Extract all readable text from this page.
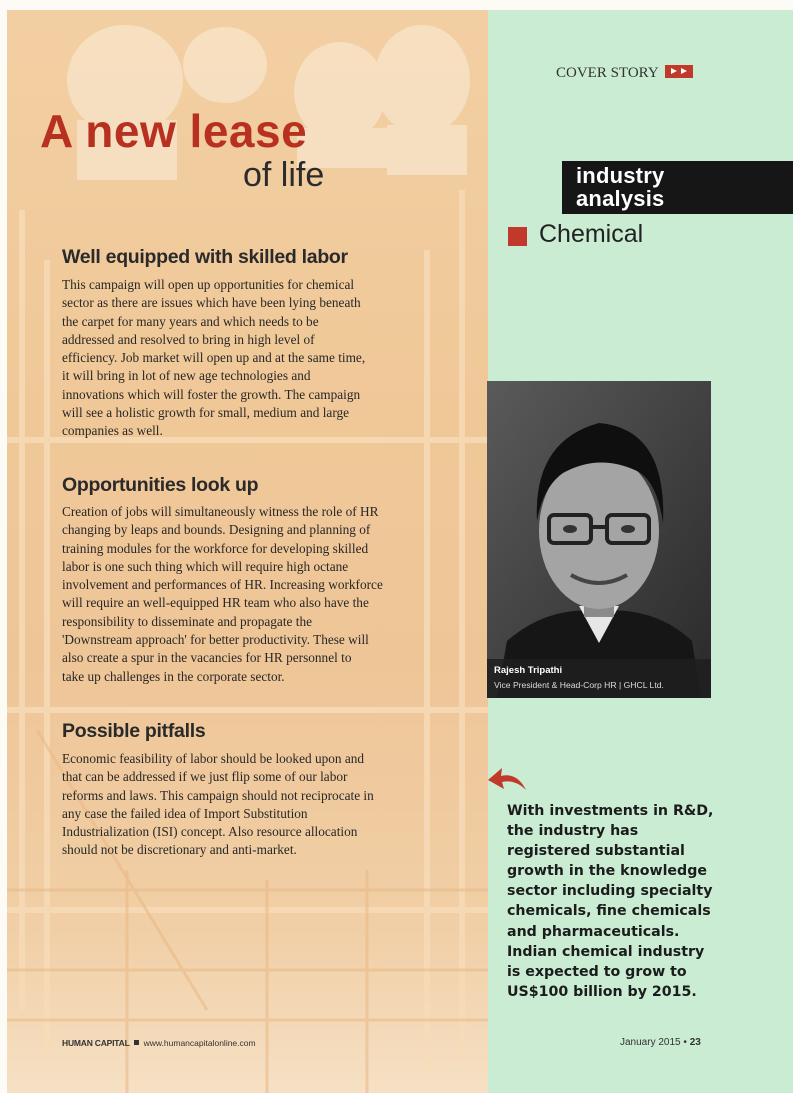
A new lease
of life
Well equipped with skilled labor

This campaign will open up opportunities for chemical
sector as there are issues which have been lying beneath
the carpet for many years and which needs to be
addressed and resolved to bring in high level of
efficiency. Job market will open up and at the same time,
it will bring in lot of new age technologies and
innovations which will foster the growth. The campaign
will see a holistic growth for small, medium and large
companies as well.

Opportunities look up

Creation of jobs will simultaneously witness the role of HR
changing by leaps and bounds. Designing and planning of
training modules for the workforce for developing skilled
labor is one such thing which will require high octane
involvement and performances of HR. Increasing workforce
will require an well-equipped HR team who also have the
responsibility to disseminate and propagate the
'Downstream approach' for better productivity. These will
also create a spur in the vacancies for HR personnel to
take up challenges in the corporate sector.

Possible pitfalls

Economic feasibility of labor should be looked upon and
that can be addressed if we just flip some of our labor
reforms and laws. This campaign should not reciprocate in
any case the failed idea of Import Substitution
Industrialization (ISI) concept. Also resource allocation
should not be discretionary and anti-market.

COVER STORY
industry
analysis
Chemical
Rajesh Tripathi
Vice President & Head-Corp HR | GHCL Ltd.

With investments in R&D,
the industry has
registered substantial
growth in the knowledge
sector including specialty
chemicals, fine chemicals
and pharmaceuticals.
Indian chemical industry
is expected to grow to
US$100 billion by 2015.

HUMAN CAPITAL www.humancapitalonline.com	January 2015 • 23
